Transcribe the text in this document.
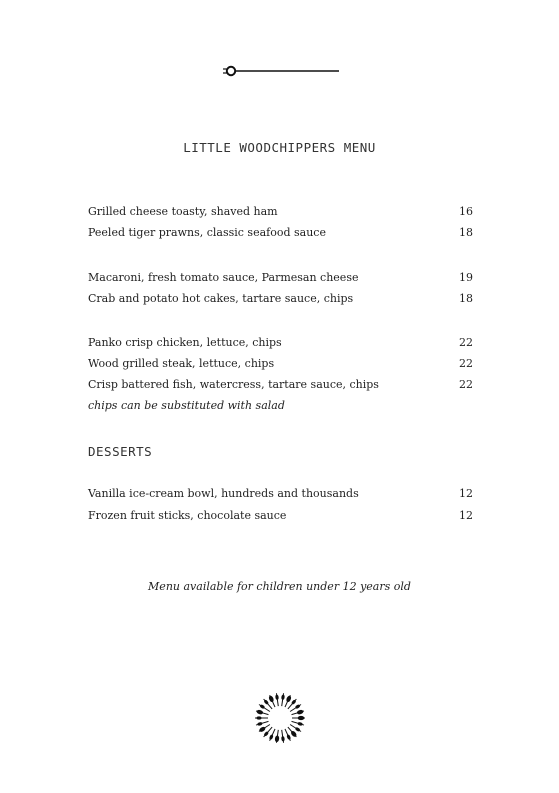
LITTLE WOODCHIPPERS MENU
Grilled cheese toasty, shaved ham	16
Peeled tiger prawns, classic seafood sauce	18
Macaroni, fresh tomato sauce, Parmesan cheese	19
Crab and potato hot cakes, tartare sauce, chips	18
Panko crisp chicken, lettuce, chips	22
Wood grilled steak, lettuce, chips	22
Crisp battered fish, watercress, tartare sauce, chips	22
chips can be substituted with salad
DESSERTS
Vanilla ice-cream bowl, hundreds and thousands	12
Frozen fruit sticks, chocolate sauce	12
Menu available for children under 12 years old
